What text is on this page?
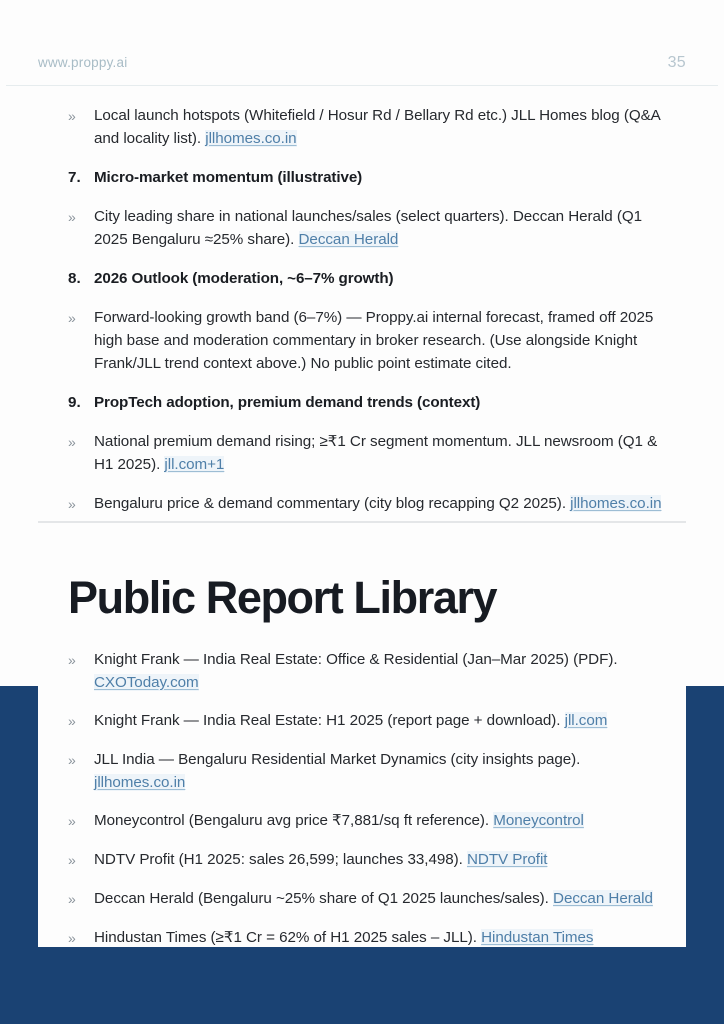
www.proppy.ai	35
»	Local launch hotspots (Whitefield / Hosur Rd / Bellary Rd etc.) JLL Homes blog (Q&A and locality list). jllhomes.co.in
7. Micro-market momentum (illustrative)
»	City leading share in national launches/sales (select quarters). Deccan Herald (Q1 2025 Bengaluru ≈25% share). Deccan Herald
8. 2026 Outlook (moderation, ~6–7% growth)
»	Forward-looking growth band (6–7%) — Proppy.ai internal forecast, framed off 2025 high base and moderation commentary in broker research. (Use alongside Knight Frank/JLL trend context above.) No public point estimate cited.
9. PropTech adoption, premium demand trends (context)
»	National premium demand rising; ≥₹1 Cr segment momentum. JLL newsroom (Q1 & H1 2025). jll.com+1
»	Bengaluru price & demand commentary (city blog recapping Q2 2025). jllhomes.co.in
Public Report Library
»	Knight Frank — India Real Estate: Office & Residential (Jan–Mar 2025) (PDF). CXOToday.com
»	Knight Frank — India Real Estate: H1 2025 (report page + download). jll.com
»	JLL India — Bengaluru Residential Market Dynamics (city insights page). jllhomes.co.in
»	Moneycontrol (Bengaluru avg price ₹7,881/sq ft reference). Moneycontrol
»	NDTV Profit (H1 2025: sales 26,599; launches 33,498). NDTV Profit
»	Deccan Herald (Bengaluru ~25% share of Q1 2025 launches/sales). Deccan Herald
»	Hindustan Times (≥₹1 Cr = 62% of H1 2025 sales – JLL). Hindustan Times
